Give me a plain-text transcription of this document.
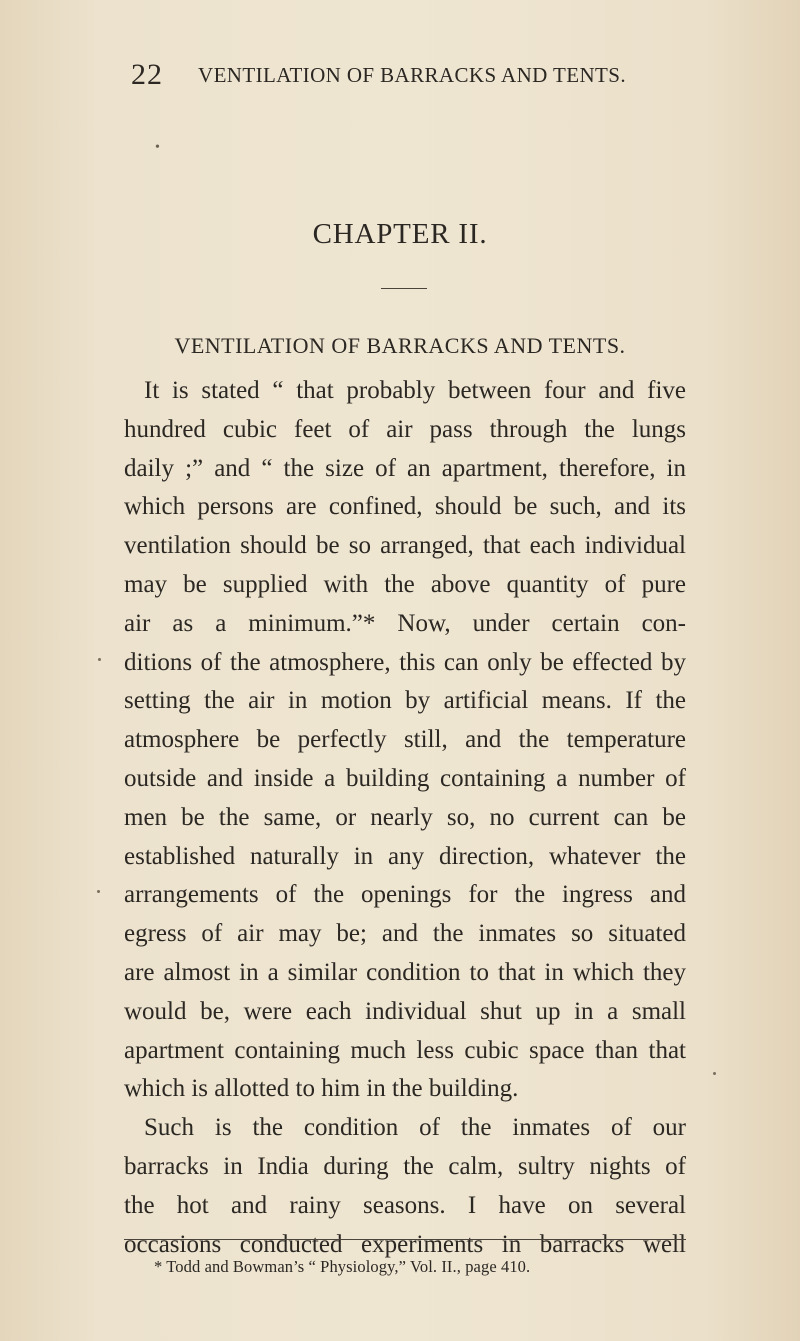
22 VENTILATION OF BARRACKS AND TENTS.
•
CHAPTER II.
VENTILATION OF BARRACKS AND TENTS.
It is stated “ that probably between four and five
hundred cubic feet of air pass through the lungs
daily ;” and “ the size of an apartment, therefore, in
which persons are confined, should be such, and its
ventilation should be so arranged, that each individual
may be supplied with the above quantity of pure
air as a minimum.”* Now, under certain con-
ditions of the atmosphere, this can only be effected by
setting the air in motion by artificial means. If the
atmosphere be perfectly still, and the temperature
outside and inside a building containing a number of
men be the same, or nearly so, no current can be
established naturally in any direction, whatever the
arrangements of the openings for the ingress and
egress of air may be; and the inmates so situated
are almost in a similar condition to that in which they
would be, were each individual shut up in a small
apartment containing much less cubic space than that
which is allotted to him in the building.
Such is the condition of the inmates of our
barracks in India during the calm, sultry nights of
the hot and rainy seasons. I have on several
occasions conducted experiments in barracks well
* Todd and Bowman’s “ Physiology,” Vol. II., page 410.
